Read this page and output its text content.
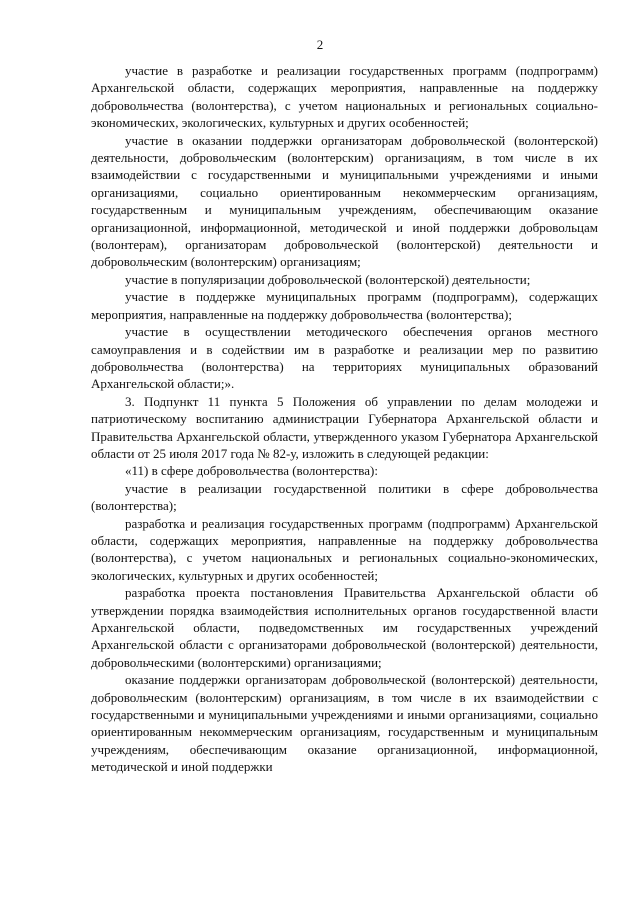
2

участие в разработке и реализации государственных программ (подпрограмм) Архангельской области, содержащих мероприятия, направленные на поддержку добровольчества (волонтерства), с учетом национальных и региональных социально-экономических, экологических, культурных и других особенностей;

участие в оказании поддержки организаторам добровольческой (волонтерской) деятельности, добровольческим (волонтерским) организациям, в том числе в их взаимодействии с государственными и муниципальными учреждениями и иными организациями, социально ориентированным некоммерческим организациям, государственным и муниципальным учреждениям, обеспечивающим оказание организационной, информационной, методической и иной поддержки добровольцам (волонтерам), организаторам добровольческой (волонтерской) деятельности и добровольческим (волонтерским) организациям;

участие в популяризации добровольческой (волонтерской) деятельности;

участие в поддержке муниципальных программ (подпрограмм), содержащих мероприятия, направленные на поддержку добровольчества (волонтерства);

участие в осуществлении методического обеспечения органов местного самоуправления и в содействии им в разработке и реализации мер по развитию добровольчества (волонтерства) на территориях муниципальных образований Архангельской области;».

3. Подпункт 11 пункта 5 Положения об управлении по делам молодежи и патриотическому воспитанию администрации Губернатора Архангельской области и Правительства Архангельской области, утвержденного указом Губернатора Архангельской области от 25 июля 2017 года № 82-у, изложить в следующей редакции:

«11) в сфере добровольчества (волонтерства):

участие в реализации государственной политики в сфере добровольчества (волонтерства);

разработка и реализация государственных программ (подпрограмм) Архангельской области, содержащих мероприятия, направленные на поддержку добровольчества (волонтерства), с учетом национальных и региональных социально-экономических, экологических, культурных и других особенностей;

разработка проекта постановления Правительства Архангельской области об утверждении порядка взаимодействия исполнительных органов государственной власти Архангельской области, подведомственных им государственных учреждений Архангельской области с организаторами добровольческой (волонтерской) деятельности, добровольческими (волонтерскими) организациями;

оказание поддержки организаторам добровольческой (волонтерской) деятельности, добровольческим (волонтерским) организациям, в том числе в их взаимодействии с государственными и муниципальными учреждениями и иными организациями, социально ориентированным некоммерческим организациям, государственным и муниципальным учреждениям, обеспечивающим оказание организационной, информационной, методической и иной поддержки
